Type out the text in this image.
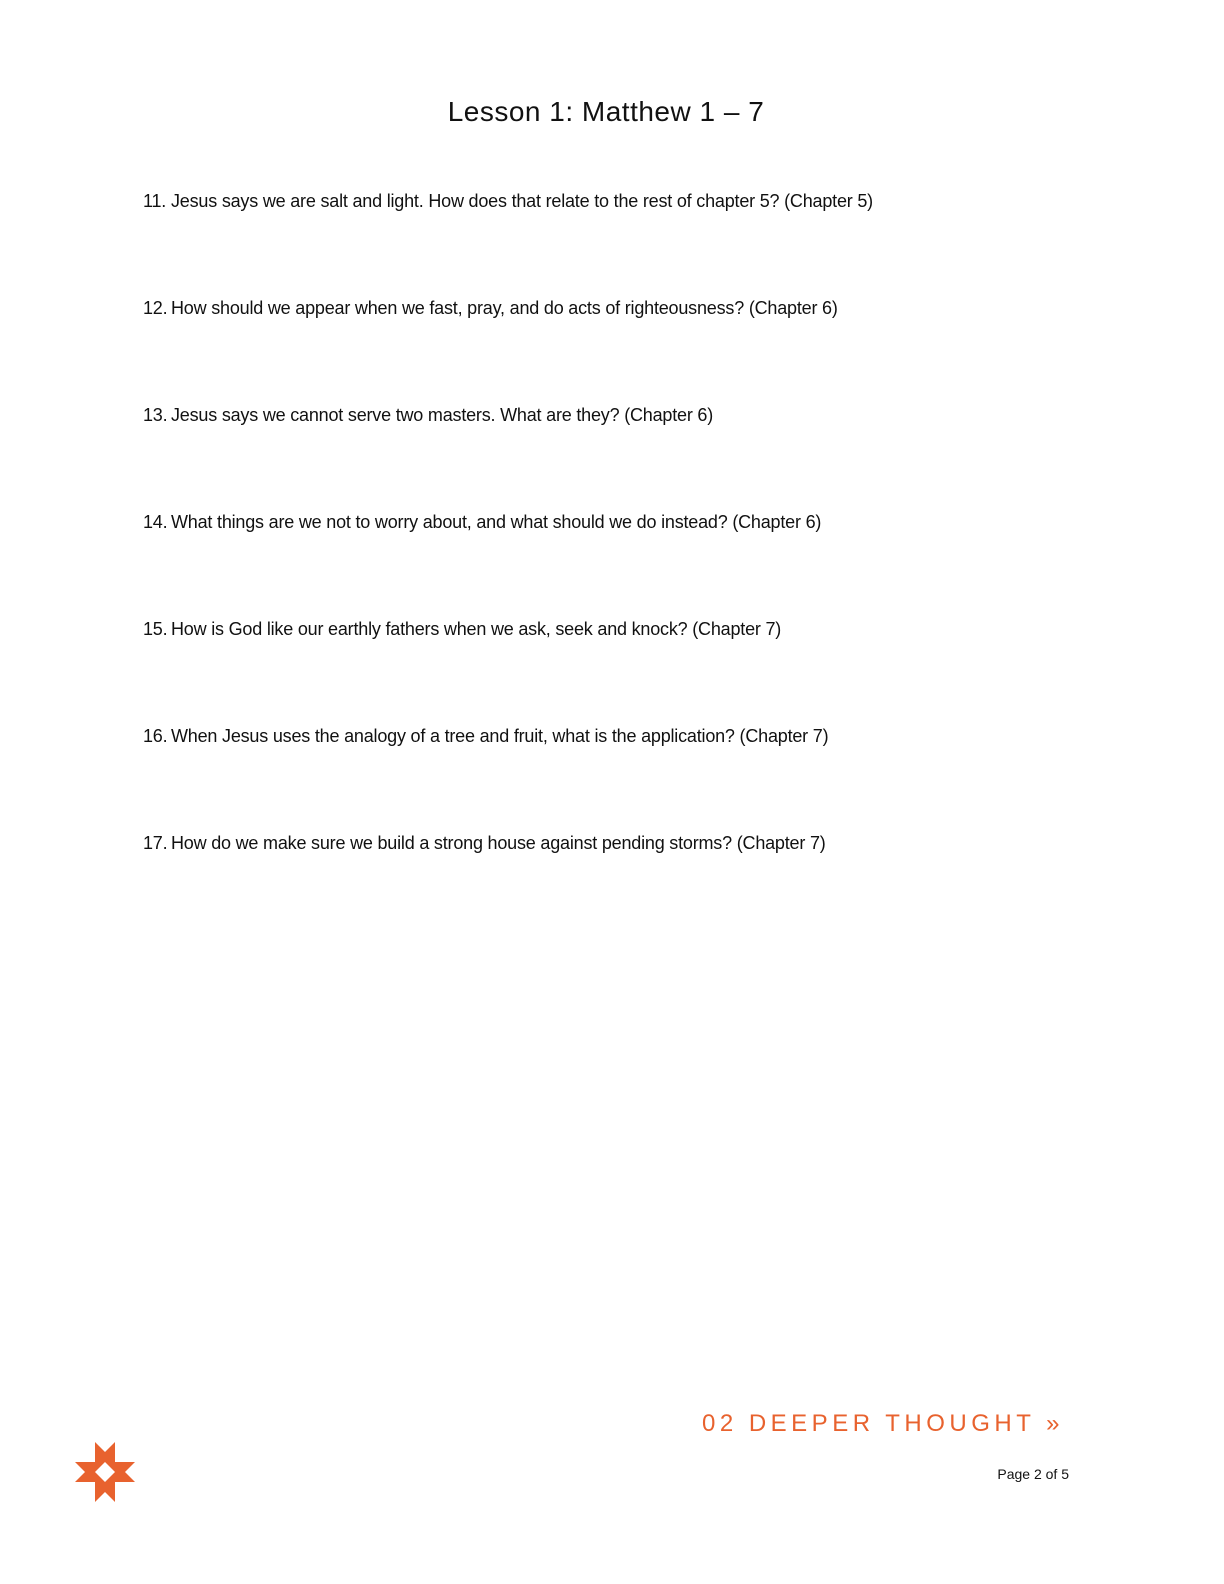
Lesson 1: Matthew 1 – 7
11. Jesus says we are salt and light. How does that relate to the rest of chapter 5? (Chapter 5)
12. How should we appear when we fast, pray, and do acts of righteousness? (Chapter 6)
13. Jesus says we cannot serve two masters. What are they? (Chapter 6)
14. What things are we not to worry about, and what should we do instead? (Chapter 6)
15. How is God like our earthly fathers when we ask, seek and knock? (Chapter 7)
16. When Jesus uses the analogy of a tree and fruit, what is the application? (Chapter 7)
17. How do we make sure we build a strong house against pending storms? (Chapter 7)
02 DEEPER THOUGHT »
Page 2 of 5
